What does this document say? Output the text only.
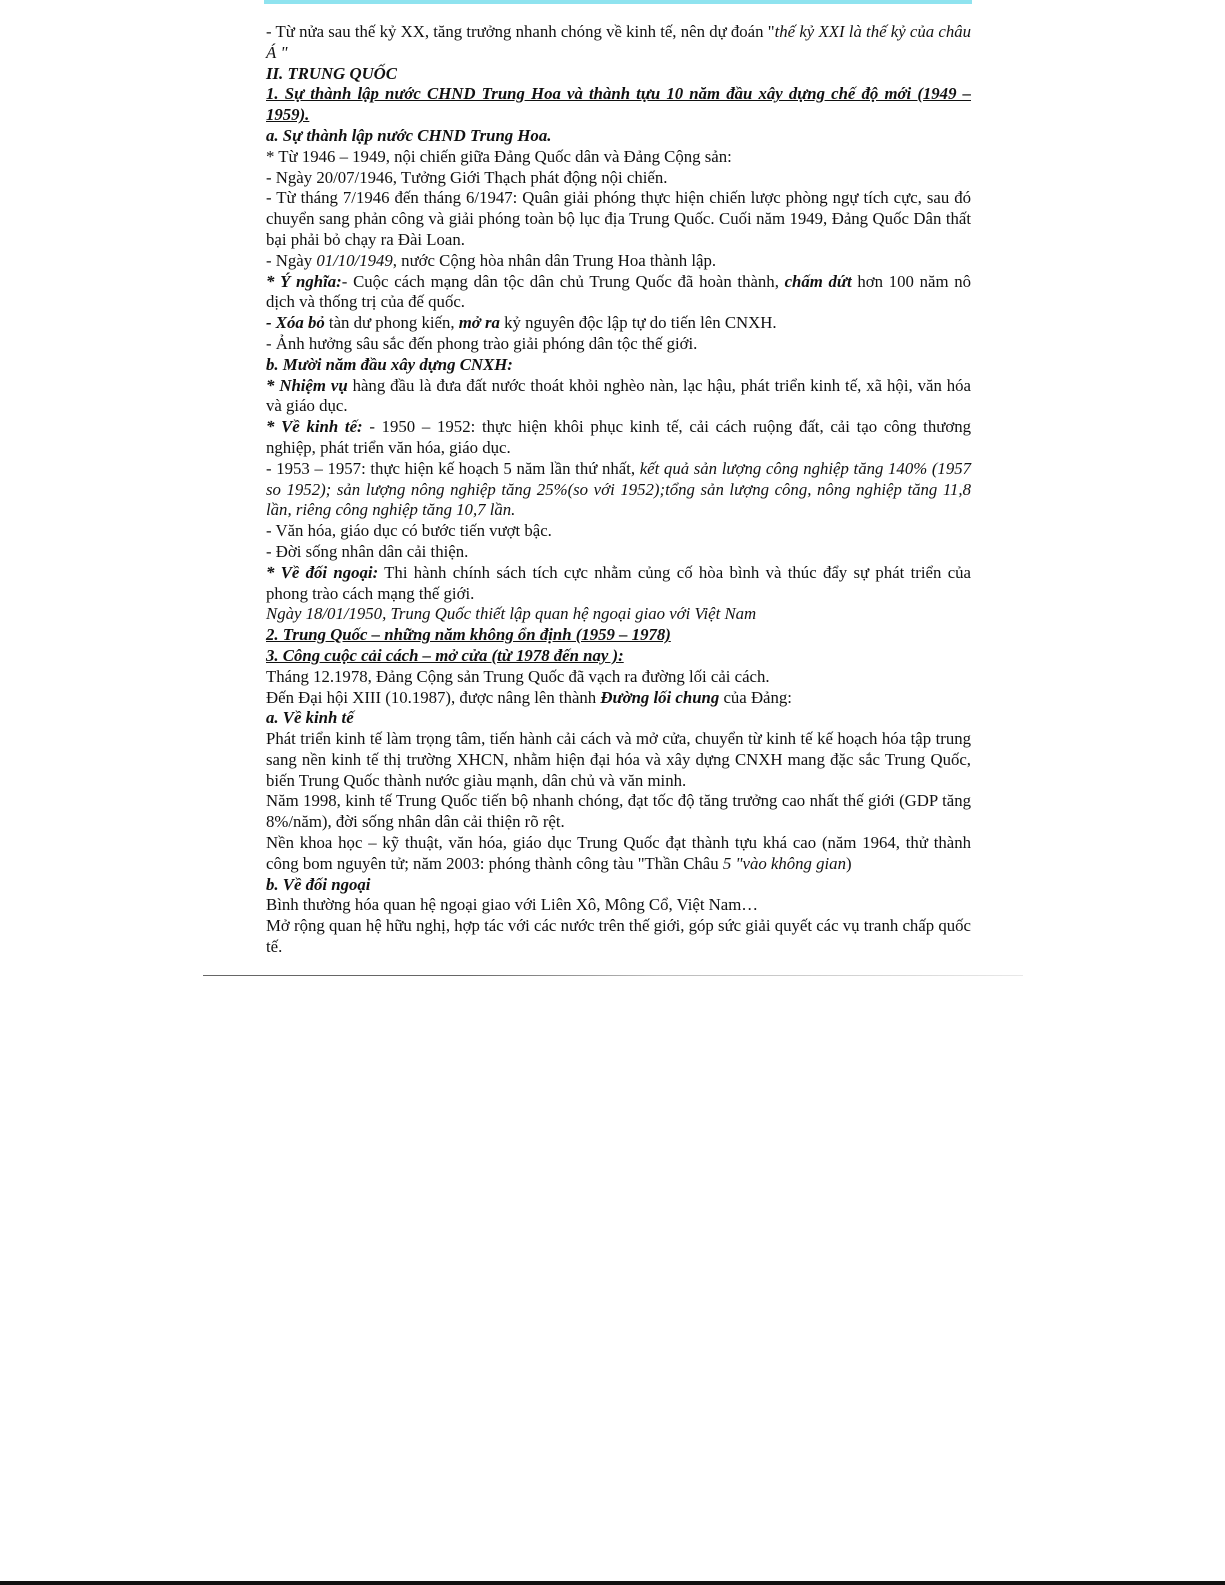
- Từ nửa sau thế kỷ XX, tăng trưởng nhanh chóng về kinh tế, nên dự đoán "thế kỷ XXI là thế kỷ của châu Á "

II. TRUNG QUỐC

1. Sự thành lập nước CHND Trung Hoa và thành tựu 10 năm đầu xây dựng chế độ mới (1949 – 1959).

a. Sự thành lập nước CHND Trung Hoa.

* Từ 1946 – 1949, nội chiến giữa Đảng Quốc dân và Đảng Cộng sản:

- Ngày 20/07/1946, Tưởng Giới Thạch phát động nội chiến.

- Từ tháng 7/1946 đến tháng 6/1947: Quân giải phóng thực hiện chiến lược phòng ngự tích cực, sau đó chuyển sang phản công và giải phóng toàn bộ lục địa Trung Quốc. Cuối năm 1949, Đảng Quốc Dân thất bại phải bỏ chạy ra Đài Loan.

- Ngày 01/10/1949, nước Cộng hòa nhân dân Trung Hoa thành lập.

* Ý nghĩa:- Cuộc cách mạng dân tộc dân chủ Trung Quốc đã hoàn thành, chấm dứt hơn 100 năm nô dịch và thống trị của đế quốc.

- Xóa bỏ tàn dư phong kiến, mở ra kỷ nguyên độc lập tự do tiến lên CNXH.

- Ảnh hưởng sâu sắc đến phong trào giải phóng dân tộc thế giới.

b. Mười năm đầu xây dựng CNXH:

* Nhiệm vụ hàng đầu là đưa đất nước thoát khỏi nghèo nàn, lạc hậu, phát triển kinh tế, xã hội, văn hóa và giáo dục.

* Về kinh tế: - 1950 – 1952: thực hiện khôi phục kinh tế, cải cách ruộng đất, cải tạo công thương nghiệp, phát triển văn hóa, giáo dục.

- 1953 – 1957: thực hiện kế hoạch 5 năm lần thứ nhất, kết quả sản lượng công nghiệp tăng 140% (1957 so 1952); sản lượng nông nghiệp tăng 25%(so với 1952);tổng sản lượng công, nông nghiệp tăng 11,8 lần, riêng công nghiệp tăng 10,7 lần.

- Văn hóa, giáo dục có bước tiến vượt bậc.

- Đời sống nhân dân cải thiện.

* Về đối ngoại: Thi hành chính sách tích cực nhằm củng cố hòa bình và thúc đẩy sự phát triển của phong trào cách mạng thế giới.

Ngày 18/01/1950, Trung Quốc thiết lập quan hệ ngoại giao với Việt Nam

2. Trung Quốc – những năm không ổn định (1959 – 1978)

3. Công cuộc cải cách – mở cửa (từ 1978 đến nay ):

Tháng 12.1978, Đảng Cộng sản Trung Quốc đã vạch ra đường lối cải cách.

Đến Đại hội XIII (10.1987), được nâng lên thành Đường lối chung của Đảng:

a. Về kinh tế

Phát triển kinh tế làm trọng tâm, tiến hành cải cách và mở cửa, chuyển từ kinh tế kế hoạch hóa tập trung sang nền kinh tế thị trường XHCN, nhằm hiện đại hóa và xây dựng CNXH mang đặc sắc Trung Quốc, biến Trung Quốc thành nước giàu mạnh, dân chủ và văn minh.

Năm 1998, kinh tế Trung Quốc tiến bộ nhanh chóng, đạt tốc độ tăng trưởng cao nhất thế giới (GDP tăng 8%/năm), đời sống nhân dân cải thiện rõ rệt.

Nền khoa học – kỹ thuật, văn hóa, giáo dục Trung Quốc đạt thành tựu khá cao (năm 1964, thử thành công bom nguyên tử; năm 2003: phóng thành công tàu "Thần Châu 5 "vào không gian)

b. Về đối ngoại

Bình thường hóa quan hệ ngoại giao với Liên Xô, Mông Cổ, Việt Nam…

Mở rộng quan hệ hữu nghị, hợp tác với các nước trên thế giới, góp sức giải quyết các vụ tranh chấp quốc tế.
